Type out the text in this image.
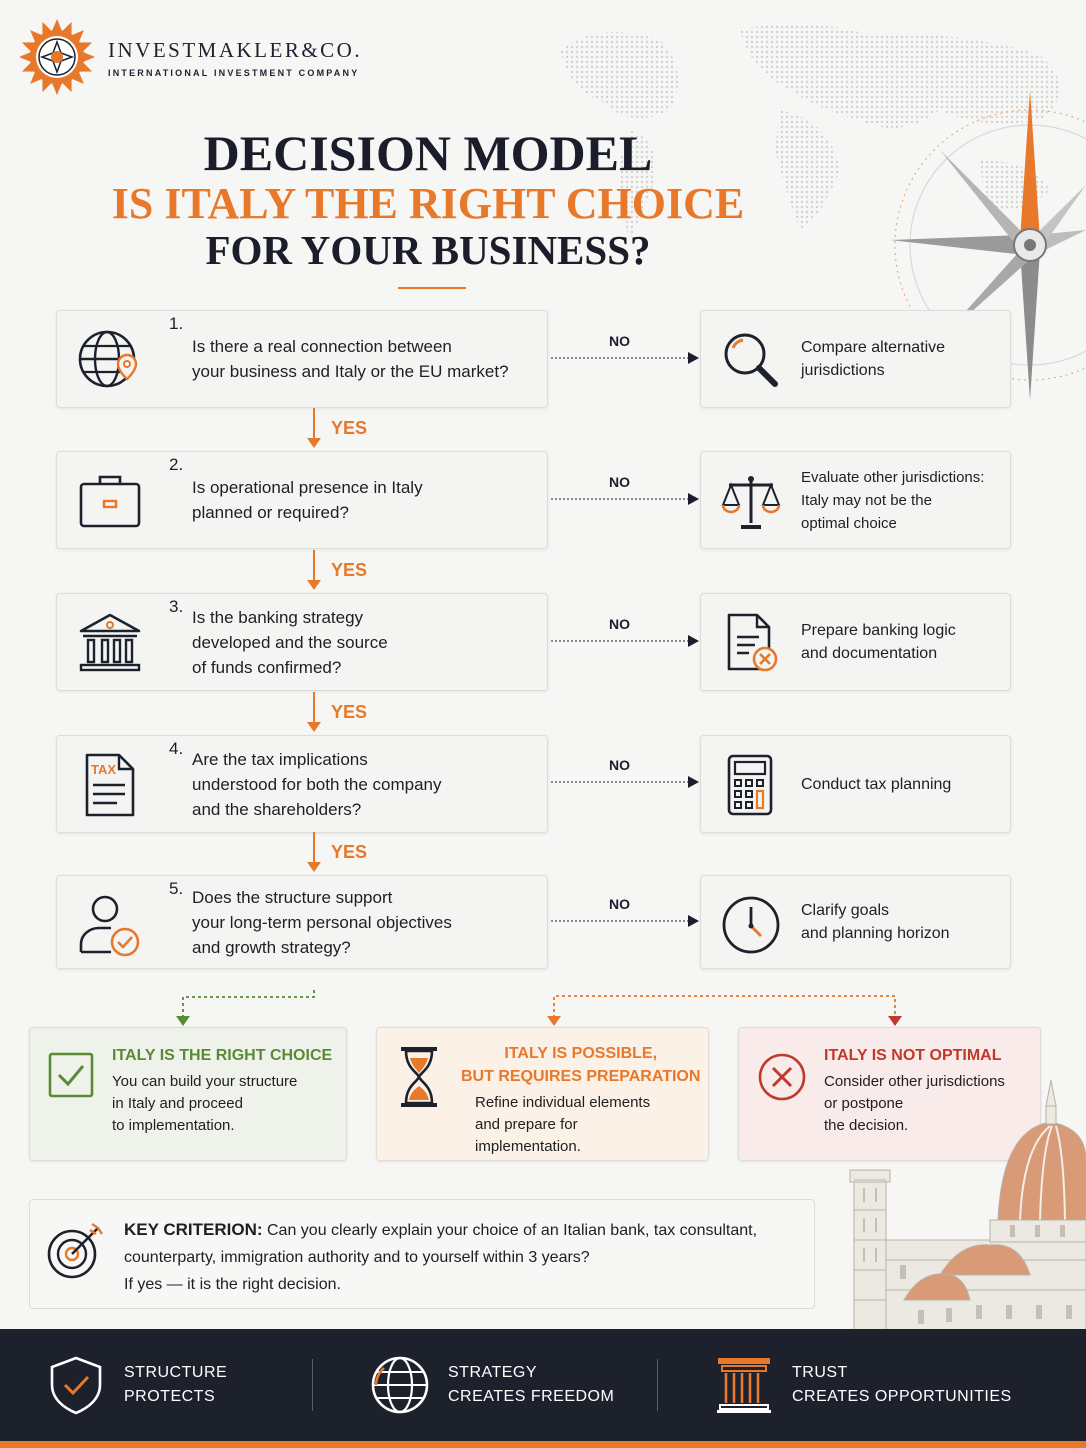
INVESTMAKLER&CO.
INTERNATIONAL INVESTMENT COMPANY
DECISION MODEL
IS ITALY THE RIGHT CHOICE
FOR YOUR BUSINESS?
1.
Is there a real connection between
your business and Italy or the EU market?
NO	Compare alternative
jurisdictions
YES
2.
Is operational presence in Italy
planned or required?
NO	Evaluate other jurisdictions:
Italy may not be the
optimal choice
YES
3.
Is the banking strategy
developed and the source
of funds confirmed?
NO	Prepare banking logic
and documentation
YES
TAX
4.
Are the tax implications
understood for both the company
and the shareholders?
NO
Conduct tax planning
YES
5. Does the structure support
your long-term personal objectives
and growth strategy?
NO	Clarify goals
and planning horizon
ITALY IS THE RIGHT CHOICE
You can build your structure
in Italy and proceed
to implementation.
ITALY IS POSSIBLE,
BUT REQUIRES PREPARATION
Refine individual elements
and prepare for
implementation.
ITALY IS NOT OPTIMAL
Consider other jurisdictions
or postpone
the decision.
KEY CRITERION: Can you clearly explain your choice of an Italian bank, tax consultant, counterparty, immigration authority and to yourself within 3 years?
If yes — it is the right decision.
STRUCTURE
PROTECTS
STRATEGY
CREATES FREEDOM
TRUST
CREATES OPPORTUNITIES
